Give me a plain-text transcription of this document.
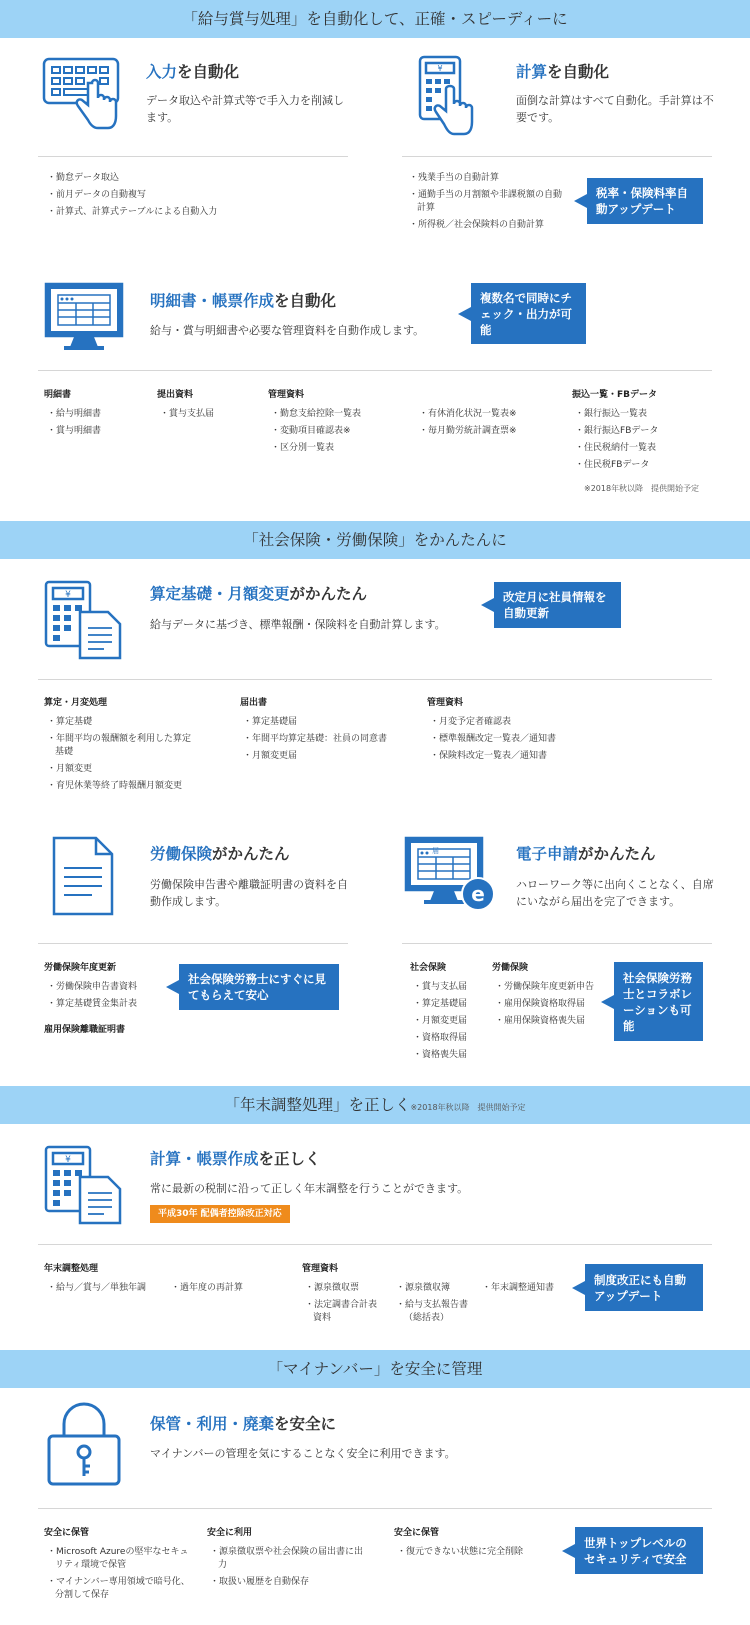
「給与賞与処理」を自動化して、正確・スピーディーに
入力を自動化
データ取込や計算式等で手入力を削減します。
・ 勤怠データ取込
・ 前月データの自動複写
・ 計算式、計算式テーブルによる自動入力
¥	計算を自動化
面倒な計算はすべて自動化。手計算は不要です。
・ 残業手当の自動計算
・ 通勤手当の月割額や非課税額の自動計算
・ 所得税／社会保険料の自動計算
税率・保険料率自動アップデート
明細書・帳票作成を自動化
給与・賞与明細書や必要な管理資料を自動作成します。
複数名で同時にチェック・出力が可能
明細書
・ 給与明細書
・ 賞与明細書
提出資料
・ 賞与支払届
管理資料
・ 勤怠支給控除一覧表
・ 変動項目確認表※
・ 区分別一覧表
・ 有休消化状況一覧表※
・ 毎月勤労統計調査票※
振込一覧・FBデータ
・ 銀行振込一覧表
・ 銀行振込FBデータ
・ 住民税納付一覧表
・ 住民税FBデータ
※2018年秋以降　提供開始予定
「社会保険・労働保険」をかんたんに
¥	算定基礎・月額変更がかんたん
給与データに基づき、標準報酬・保険料を自動計算します。
改定月に社員情報を自動更新
算定・月変処理
・ 算定基礎
・ 年間平均の報酬額を利用した算定基礎
・ 月額変更
・ 育児休業等終了時報酬月額変更
届出書
・ 算定基礎届
・ 年間平均算定基礎：社員の同意書
・ 月額変更届
管理資料
・ 月変予定者確認表
・ 標準報酬改定一覧表／通知書
・ 保険料改定一覧表／通知書
労働保険がかんたん
労働保険申告書や離職証明書の資料を自動作成します。
労働保険年度更新
・ 労働保険申告書資料
・ 算定基礎賃金集計表
雇用保険離職証明書
社会保険労務士にすぐに見てもらえて安心
e
届	電子申請がかんたん
ハローワーク等に出向くことなく、自席にいながら届出を完了できます。
社会保険
・ 賞与支払届
・ 算定基礎届
・ 月額変更届
・ 資格取得届
・ 資格喪失届
労働保険
・ 労働保険年度更新申告
・ 雇用保険資格取得届
・ 雇用保険資格喪失届
社会保険労務士とコラボレーションも可能
「年末調整処理」を正しく※2018年秋以降　提供開始予定
¥	計算・帳票作成を正しく
常に最新の税制に沿って正しく年末調整を行うことができます。
平成30年 配偶者控除改正対応
年末調整処理
・ 給与／賞与／単独年調
・	過年度の再計算
管理資料
・ 源泉徴収票
・ 法定調書合計表資料
・ 源泉徴収簿
・ 給与支払報告書（総括表）
・ 年末調整通知書
制度改正にも自動アップデート
「マイナンバー」を安全に管理
保管・利用・廃棄を安全に
マイナンバーの管理を気にすることなく安全に利用できます。
安全に保管
・ Microsoft Azureの堅牢なセキュリティ環境で保管
・ マイナンバー専用領域で暗号化、分割して保存
安全に利用
・ 源泉徴収票や社会保険の届出書に出力
・ 取扱い履歴を自動保存
安全に保管
・ 復元できない状態に完全削除
世界トップレベルのセキュリティで安全
